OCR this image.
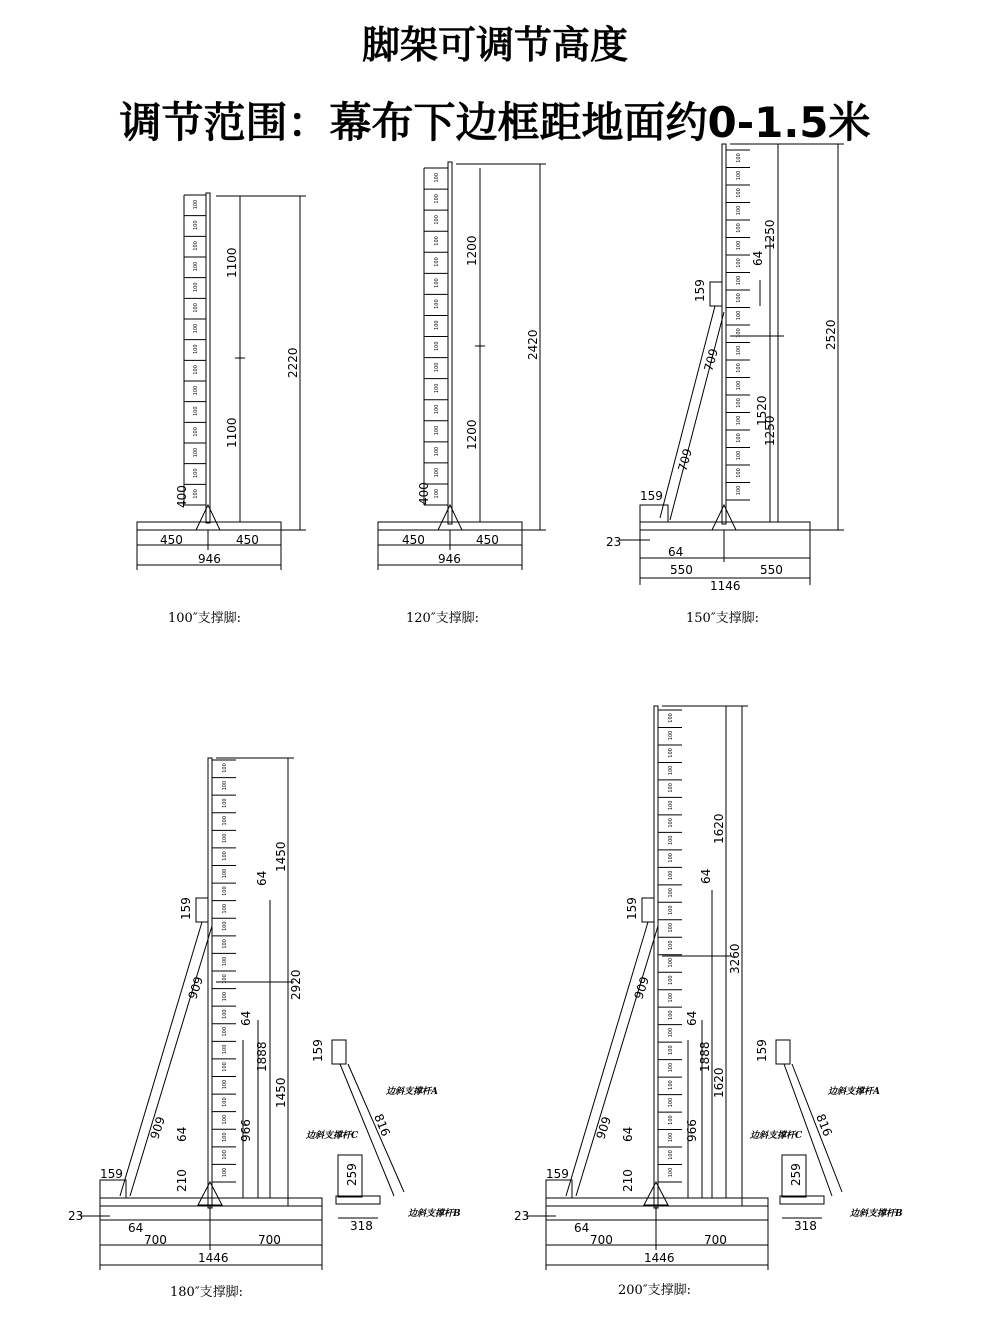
脚架可调节高度
调节范围：幕布下边框距地面约0-1.5米
100
100
100
100
100
100
100
100
100
100
100
100
100
100
100
1100
1100
2220
400
450	450
946
100″支撑脚:
100
100
100
100
100
100
100
100
100
100
100
100
100
100
100
100
1200
1200
2420
400
450	450
946
120″支撑脚:
100
100
100
100
100
100
100
100
100
100
100
100
100
100
100
100
100
100
100
100
1250
1250
2520
1520
64
159
159
709
709
23
64
550	550
1146
150″支撑脚:
100
100
100
100
100
100
100
100
100
100
100
100
100
100
100
100
100
100
100
100
100
100
100
100
1450
1450
2920
1888
966
210
64
64
64
159
159
909
909
23
64
700	700
1446
180″支撑脚:
159
816
259
318
边斜支撑杆A
边斜支撑杆C
边斜支撑杆B
100
100
100
100
100
100
100
100
100
100
100
100
100
100
100
100
100
100
100
100
100
100
100
100
100
100
100
1620
1620
3260
1888
966
210
64
64
64
159
159
909
909
23
64
700	700
1446
200″支撑脚:
159
816
259
318
边斜支撑杆A
边斜支撑杆C
边斜支撑杆B
